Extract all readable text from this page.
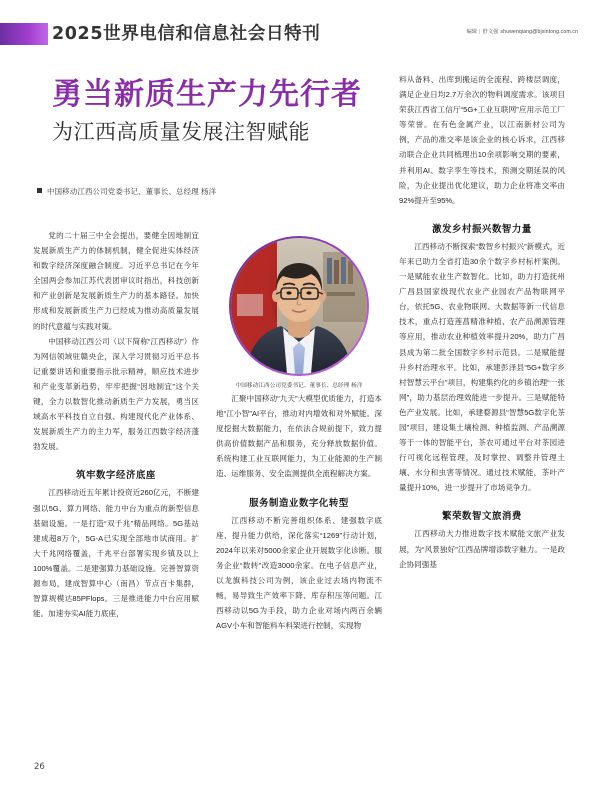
2025世界电信和信息社会日特刊	编辑 | 舒文强 shuwenqiang@bjxintong.com.cn
勇当新质生产力先行者
为江西高质量发展注智赋能
中国移动江西公司党委书记、董事长、总经理 杨洋

党的二十届三中全会提出，要健全因地制宜发展新质生产力的体制机制，健全促进实体经济和数字经济深度融合制度。习近平总书记在今年全国两会参加江苏代表团审议时指出，科技创新和产业创新是发展新质生产力的基本路径。加快形成和发展新质生产力已经成为推动高质量发展的时代意蕴与实践对策。

中国移动江西公司（以下简称“江西移动”）作为网信领域驻赣央企，深入学习贯彻习近平总书记重要讲话和重要指示批示精神，顺应技术进步和产业变革新趋势，牢牢把握“因地制宜”这个关键，全力以数智化推动新质生产力发展，勇当区域高水平科技自立自强、构建现代化产业体系、发展新质生产力的主力军，服务江西数字经济蓬勃发展。

筑牢数字经济底座

江西移动近五年累计投资近260亿元，不断建强以5G、算力网络、能力中台为重点的新型信息基础设施。一是打造“双千兆”精品网络。5G基站建成超8万个，5G-A已实现全部地市试商用。扩大千兆网络覆盖，千兆平台部署实现乡镇及以上100%覆盖。二是建强算力基础设施。完善智算资源布局，建成智算中心（南昌）节点百卡集群，智算规模达85PFlops。三是推进能力中台应用赋能。加速夯实AI能力底座，

中国移动江西公司党委书记、董事长、总经理 杨洋

汇聚中国移动“九天”大模型优质能力，打造本地“江小智”AI平台，推动对内增效和对外赋能。深度挖掘大数据能力，在依法合规前提下，致力提供高价值数据产品和服务，充分释放数据价值。系统构建工业互联网能力，为工业能源的生产制造、运维服务、安全监测提供全流程解决方案。

服务制造业数字化转型

江西移动不断完善组织体系、建强数字底座、提升能力供给，深化落实“1269”行动计划，2024年以来对5000余家企业开展数字化诊断。服务企业“数转”改造3000余家。在电子信息产业，以龙旗科技公司为例，该企业过去场内物流不畅，易导致生产效率下降、库存积压等问题。江西移动以5G为手段，助力企业对场内两百余辆AGV小车和智能料车料架进行控制，实现物

料从备料、出库到搬运的全流程、跨楼层调度，满足企业日均2.7万余次的物料调度需求。该项目荣获江西省工信厅“5G+工业互联网”应用示范工厂等荣誉。在有色金属产业，以江南新材公司为例，产品的准交率是该企业的核心诉求，江西移动联合企业共同梳理出10余项影响交期的要素，并利用AI、数字孪生等技术，预测交期延误的风险，为企业提出优化建议，助力企业将准交率由92%提升至95%。

激发乡村振兴数智力量

江西移动不断探索“数智乡村振兴”新模式，近年来已助力全省打造30余个数字乡村标杆案例。一是赋能农业生产数智化。比如，助力打造抚州广昌县国家级现代农业产业园农产品物联网平台，依托5G、农业物联网、大数据等新一代信息技术，重点打造莲菖精准种植、农产品溯源管理等应用，推动农业种植效率提升20%，助力广昌县成为第二批全国数字乡村示范县。二是赋能提升乡村治理水平。比如，承建彭泽县“5G+数字乡村智慧云平台”项目，构建集约化的乡镇治理“一张网”，助力基层治理效能进一步提升。三是赋能特色产业发展。比如，承建婺源县“智慧5G数字化茶园”项目，建设集土壤检测、种植监测、产品溯源等于一体的智能平台，茶农可通过平台对茶园进行可视化远程管理，及时掌控、调整并管理土壤、水分和虫害等情况。通过技术赋能，茶叶产量提升10%，进一步提升了市场竞争力。

繁荣数智文旅消费

江西移动大力推进数字技术赋能文旅产业发展，为“风景独好”江西品牌增添数字魅力。一是政企协同强基

26
